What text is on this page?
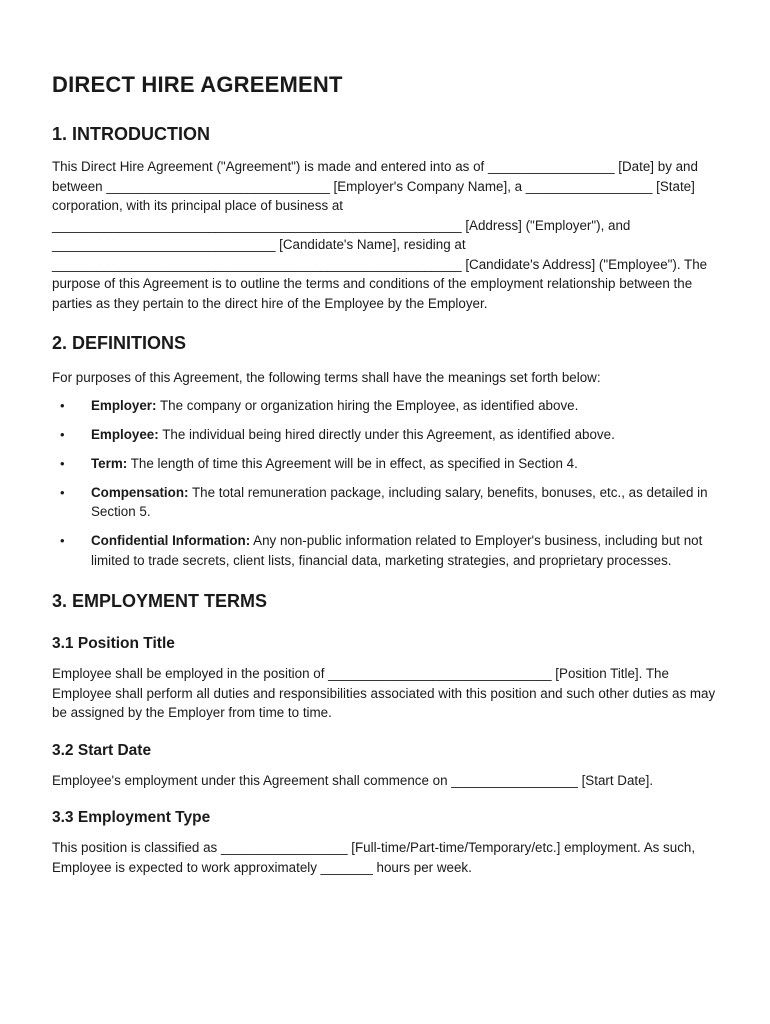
DIRECT HIRE AGREEMENT
1. INTRODUCTION

This Direct Hire Agreement ("Agreement") is made and entered into as of _________________ [Date] by and between ______________________________ [Employer's Company Name], a _________________ [State] corporation, with its principal place of business at _______________________________________________________ [Address] ("Employer"), and ______________________________ [Candidate's Name], residing at _______________________________________________________ [Candidate's Address] ("Employee"). The purpose of this Agreement is to outline the terms and conditions of the employment relationship between the parties as they pertain to the direct hire of the Employee by the Employer.

2. DEFINITIONS

For purposes of this Agreement, the following terms shall have the meanings set forth below:

• Employer: The company or organization hiring the Employee, as identified above.
• Employee: The individual being hired directly under this Agreement, as identified above.
• Term: The length of time this Agreement will be in effect, as specified in Section 4.
• Compensation: The total remuneration package, including salary, benefits, bonuses, etc., as detailed in Section 5.
• Confidential Information: Any non-public information related to Employer's business, including but not limited to trade secrets, client lists, financial data, marketing strategies, and proprietary processes.
3. EMPLOYMENT TERMS
3.1 Position Title

Employee shall be employed in the position of ______________________________ [Position Title]. The Employee shall perform all duties and responsibilities associated with this position and such other duties as may be assigned by the Employer from time to time.

3.2 Start Date

Employee's employment under this Agreement shall commence on _________________ [Start Date].

3.3 Employment Type

This position is classified as _________________ [Full-time/Part-time/Temporary/etc.] employment. As such, Employee is expected to work approximately _______ hours per week.
